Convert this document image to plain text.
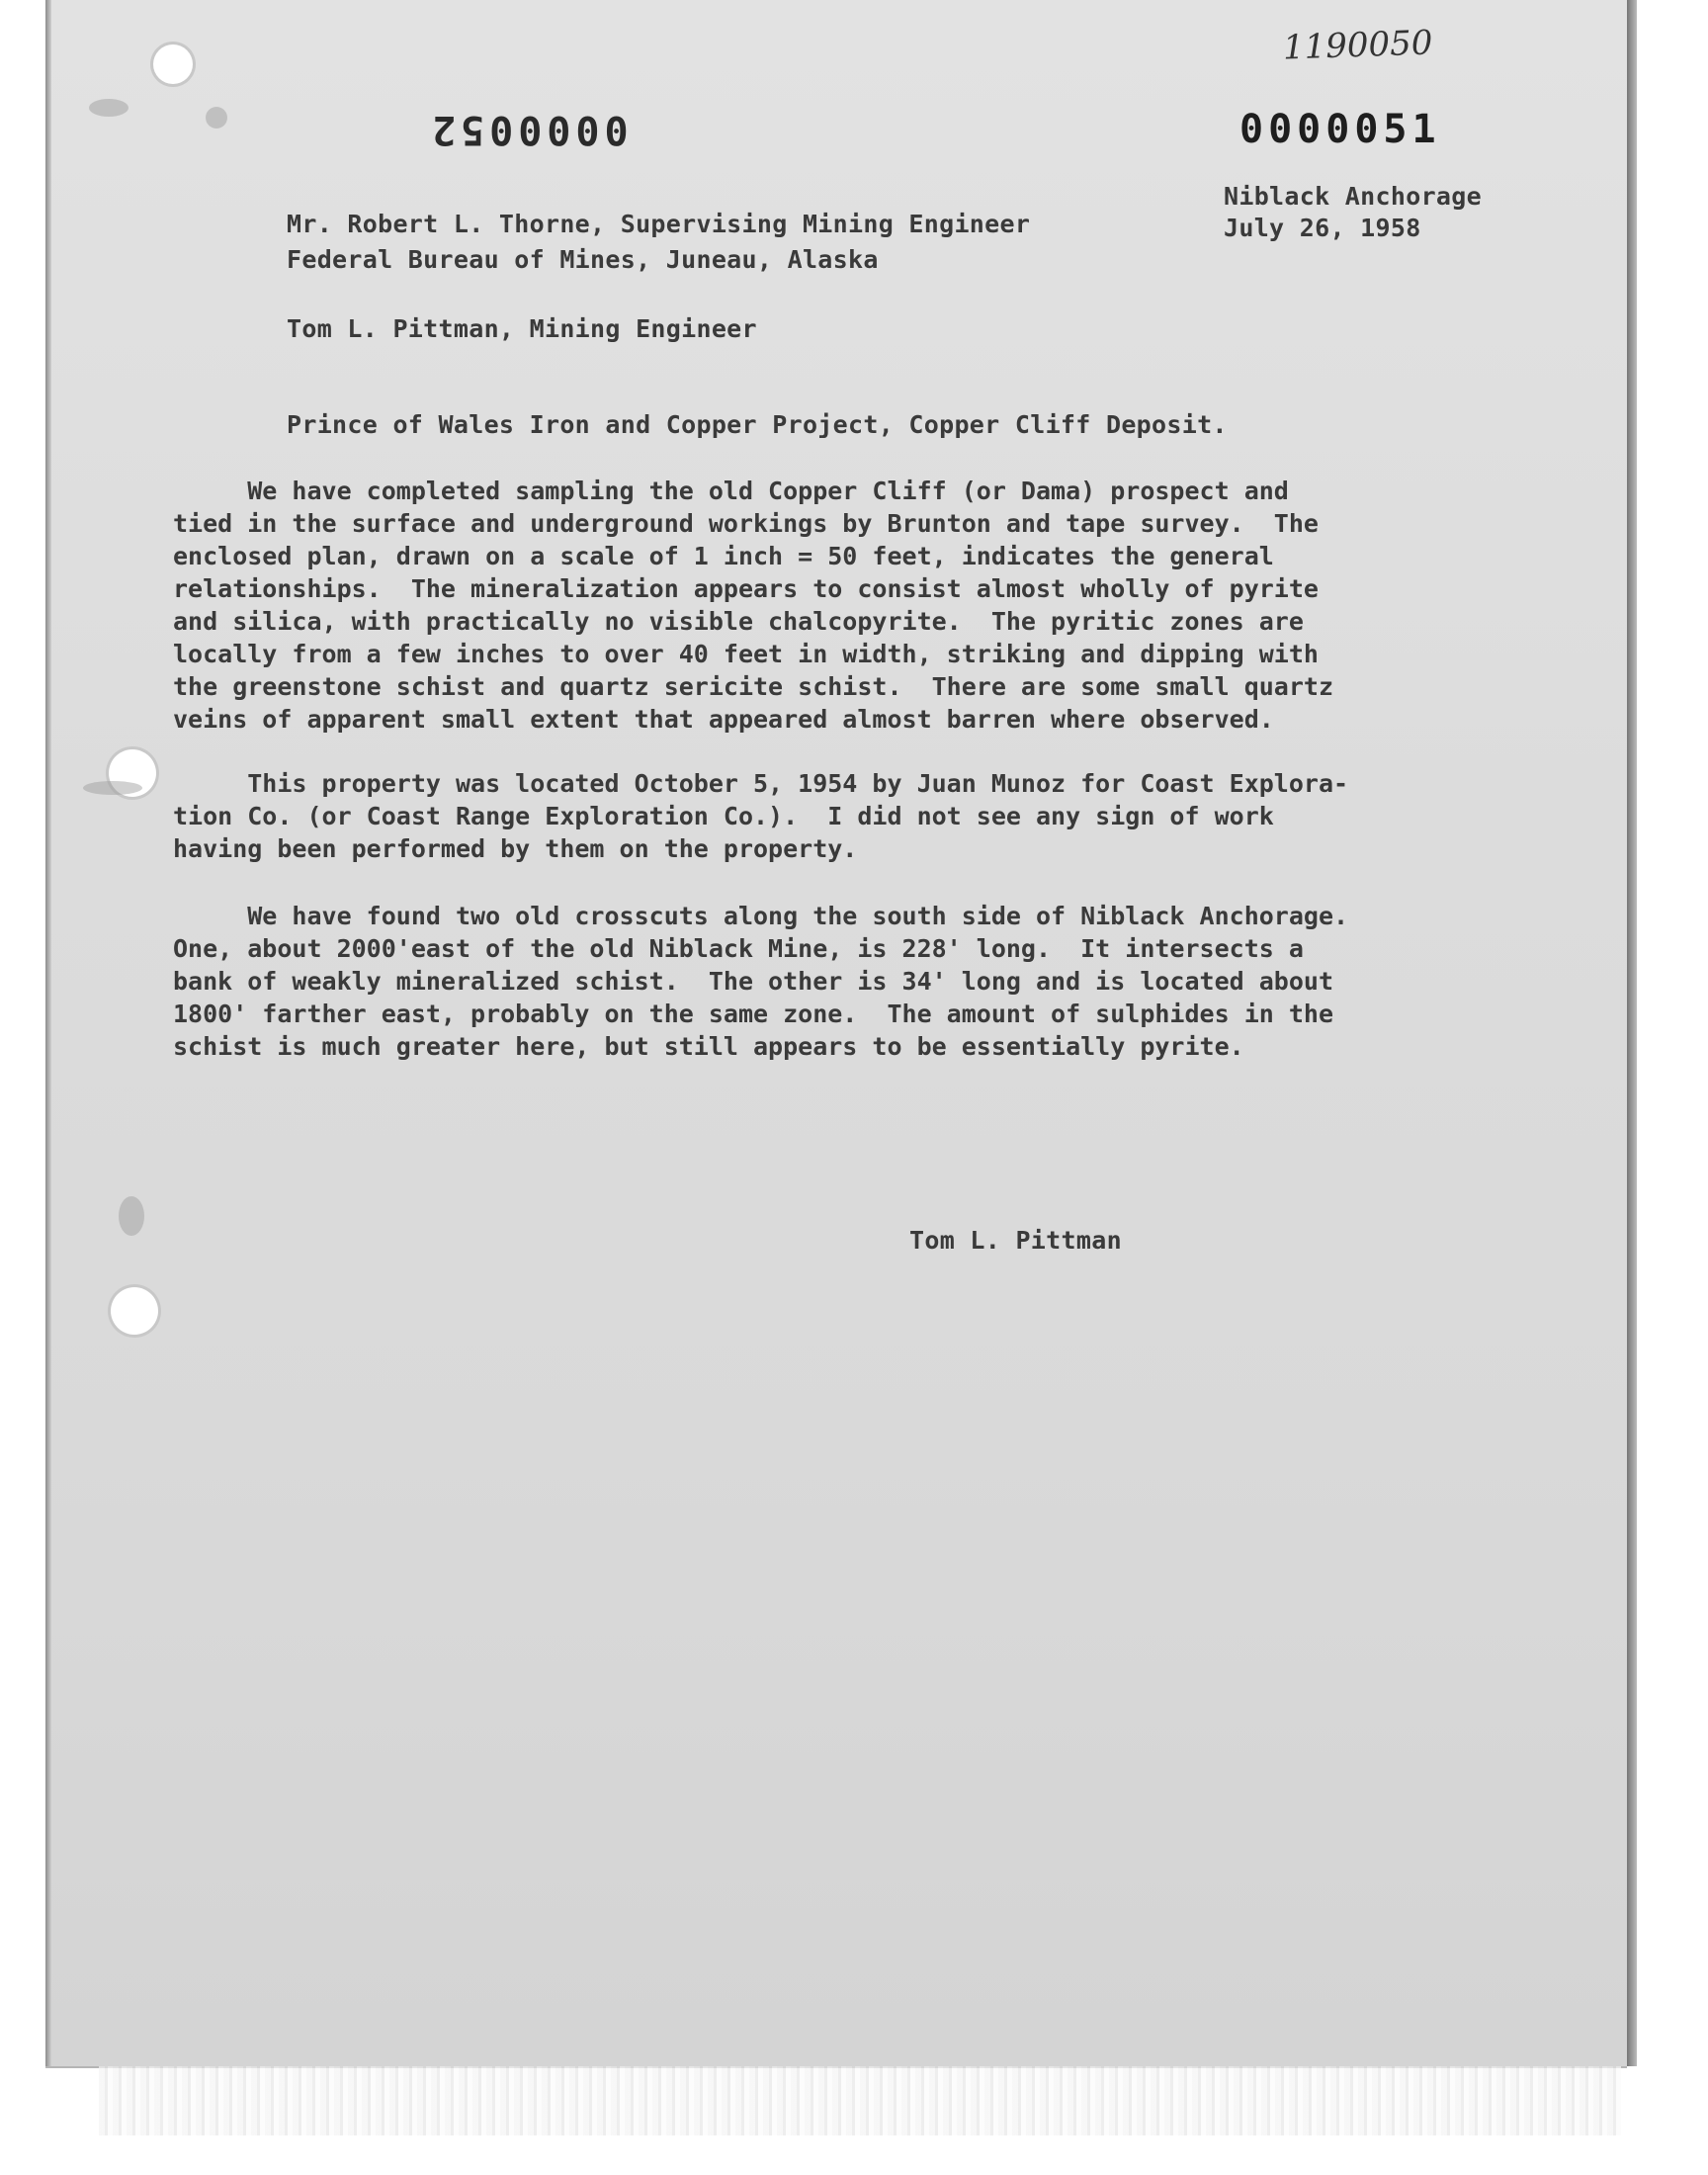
0000052	0000051
1190050
Niblack Anchorage
July 26, 1958
Mr. Robert L. Thorne, Supervising Mining Engineer
Federal Bureau of Mines, Juneau, Alaska
Tom L. Pittman, Mining Engineer
Prince of Wales Iron and Copper Project, Copper Cliff Deposit.
We have completed sampling the old Copper Cliff (or Dama) prospect and
tied in the surface and underground workings by Brunton and tape survey.  The
enclosed plan, drawn on a scale of 1 inch = 50 feet, indicates the general
relationships.  The mineralization appears to consist almost wholly of pyrite
and silica, with practically no visible chalcopyrite.  The pyritic zones are
locally from a few inches to over 40 feet in width, striking and dipping with
the greenstone schist and quartz sericite schist.  There are some small quartz
veins of apparent small extent that appeared almost barren where observed.
This property was located October 5, 1954 by Juan Munoz for Coast Explora-
tion Co. (or Coast Range Exploration Co.).  I did not see any sign of work
having been performed by them on the property.
We have found two old crosscuts along the south side of Niblack Anchorage.
One, about 2000'east of the old Niblack Mine, is 228' long.  It intersects a
bank of weakly mineralized schist.  The other is 34' long and is located about
1800' farther east, probably on the same zone.  The amount of sulphides in the
schist is much greater here, but still appears to be essentially pyrite.
Tom L. Pittman
